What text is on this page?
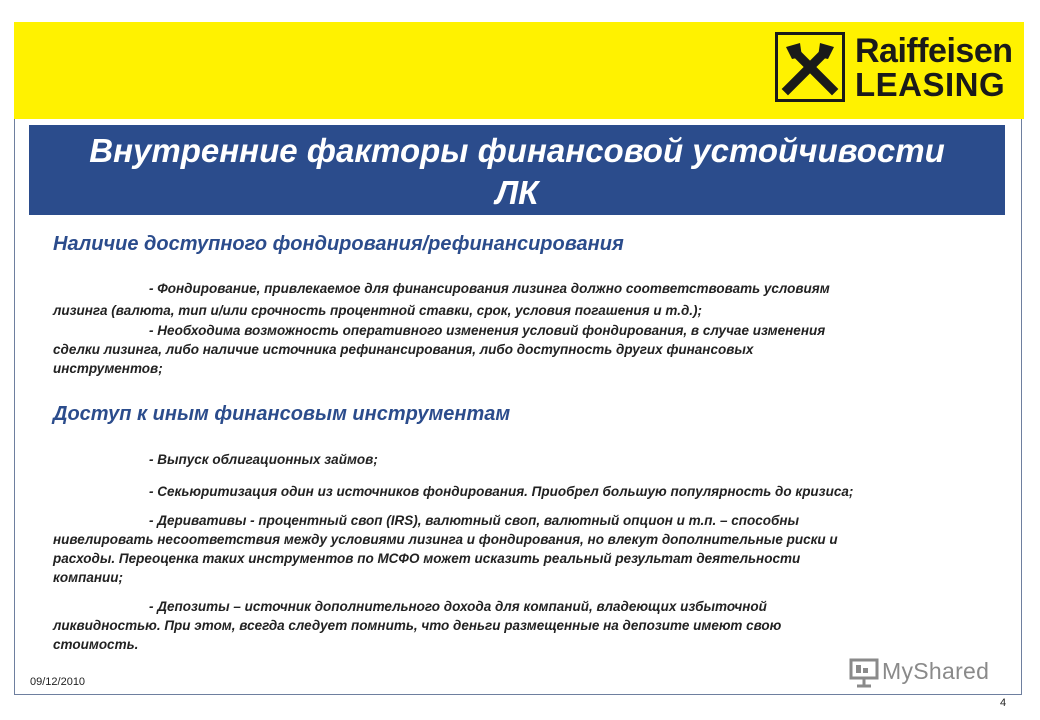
Raiffeisen
LEASING
Внутренние факторы финансовой устойчивости
ЛК
Наличие доступного фондирования/рефинансирования
- Фондирование, привлекаемое для финансирования лизинга должно соответствовать условиям
лизинга (валюта, тип и/или срочность процентной ставки, срок, условия погашения и т.д.);
- Необходима возможность оперативного изменения условий фондирования, в случае изменения
сделки лизинга, либо наличие источника рефинансирования, либо доступность других финансовых
инструментов;
Доступ к иным финансовым инструментам
- Выпуск облигационных займов;
- Секьюритизация один из источников фондирования. Приобрел большую популярность до кризиса;
- Деривативы - процентный своп (IRS), валютный своп, валютный опцион и т.п. – способны
нивелировать несоответствия между условиями лизинга и фондирования, но влекут дополнительные риски и
расходы. Переоценка таких инструментов по МСФО может исказить реальный результат деятельности
компании;
- Депозиты – источник дополнительного дохода для компаний, владеющих избыточной
ликвидностью. При этом, всегда следует помнить, что деньги размещенные на депозите имеют свою
стоимость.
MyShared
09/12/2010
4
